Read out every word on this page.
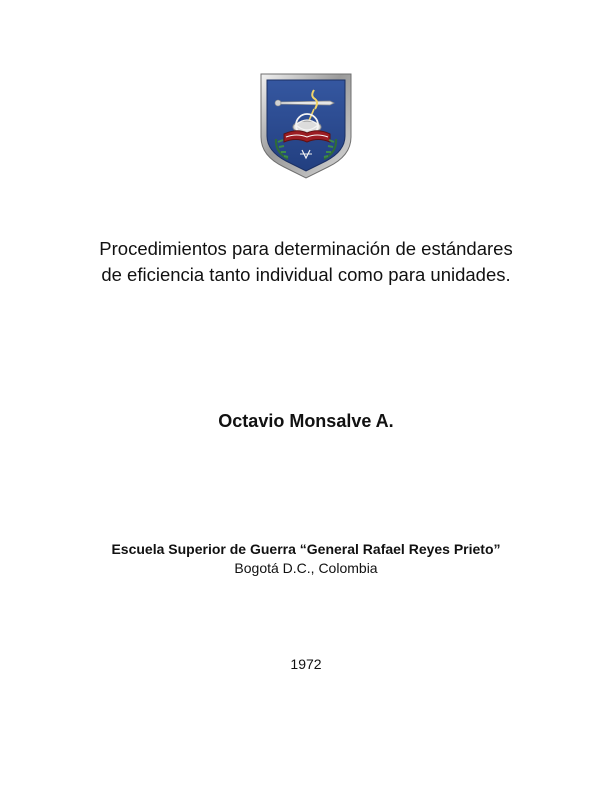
Procedimientos para determinación de estándares
de eficiencia tanto individual como para unidades.
Octavio Monsalve A.
Escuela Superior de Guerra “General Rafael Reyes Prieto”
Bogotá D.C., Colombia
1972
